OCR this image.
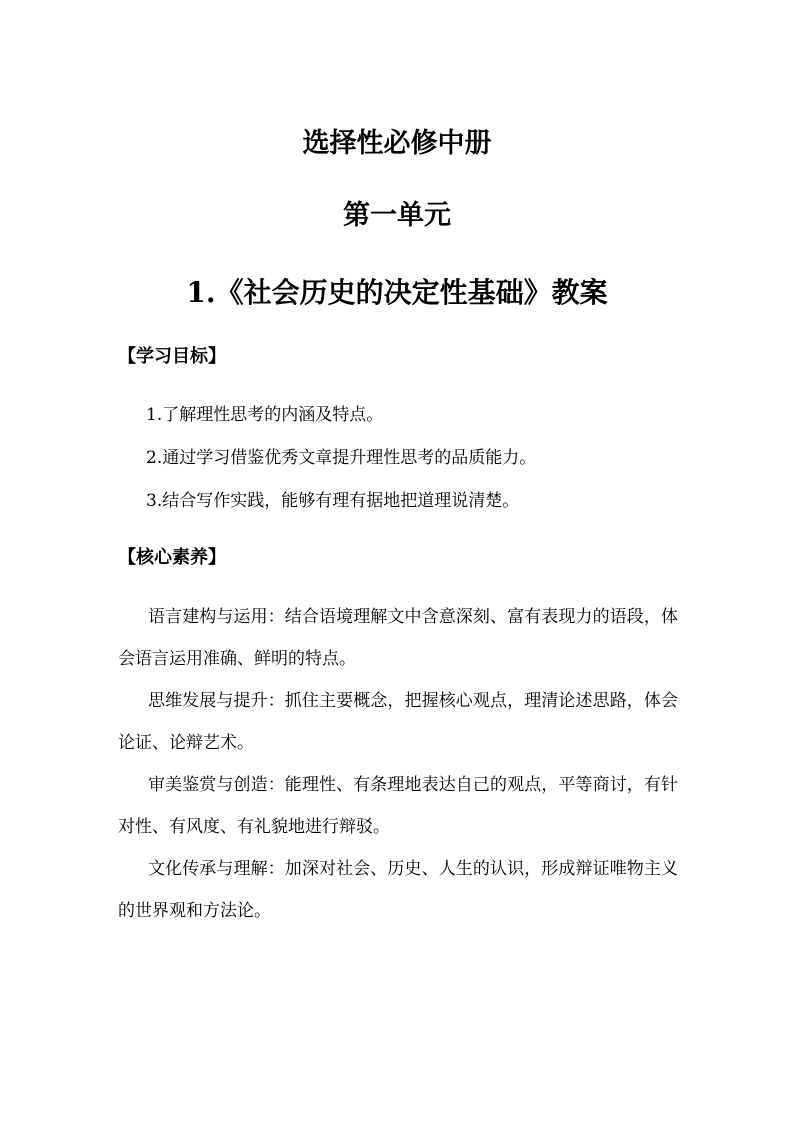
选择性必修中册
第一单元
1.《社会历史的决定性基础》教案
【学习目标】
1.了解理性思考的内涵及特点。
2.通过学习借鉴优秀文章提升理性思考的品质能力。
3.结合写作实践，能够有理有据地把道理说清楚。
【核心素养】

语言建构与运用：结合语境理解文中含意深刻、富有表现力的语段，体会语言运用准确、鲜明的特点。

思维发展与提升：抓住主要概念，把握核心观点，理清论述思路，体会论证、论辩艺术。

审美鉴赏与创造：能理性、有条理地表达自己的观点，平等商讨，有针对性、有风度、有礼貌地进行辩驳。

文化传承与理解：加深对社会、历史、人生的认识，形成辩证唯物主义的世界观和方法论。
